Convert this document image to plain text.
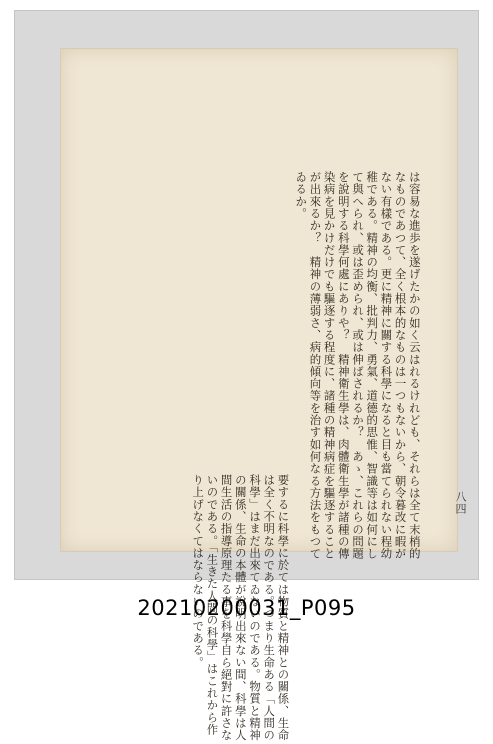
八四
は容易な進歩を遂げたかの如く云はれるけれども、それらは全て末梢的なものであつて、全く根本的なものは一つもないから、朝令暮改に暇がない有樣である。更に精神に關する科學になると目も當てられない程幼稚である。精神の均衡、批判力、勇氣、道德的思惟、智識等は如何にして與へられ、或は歪められ、或は伸ばされるか？　あゝ、これらの問題を說明する科學何處にありや？　精神衛生學は、肉體衛生學が諸種の傳染病を見かけだけでも驅逐する程度に、諸種の精神病症を驅逐することが出來るか？　精神の薄弱さ、病的傾向等を治す如何なる方法をもつてゐるか。
要するに科學に於ては物質と精神との關係、生命は全く不明なのである。つまり生命ある「人間の科學」はまだ出來てゐないのである。物質と精神の關係、生命の本體が說明出來ない間、科學は人間生活の指導原理たる事を科學自ら絕對に許さないのである。「生きた人間の科學」はこれから作り上げなくてはならないのである。
20210200031_P095
